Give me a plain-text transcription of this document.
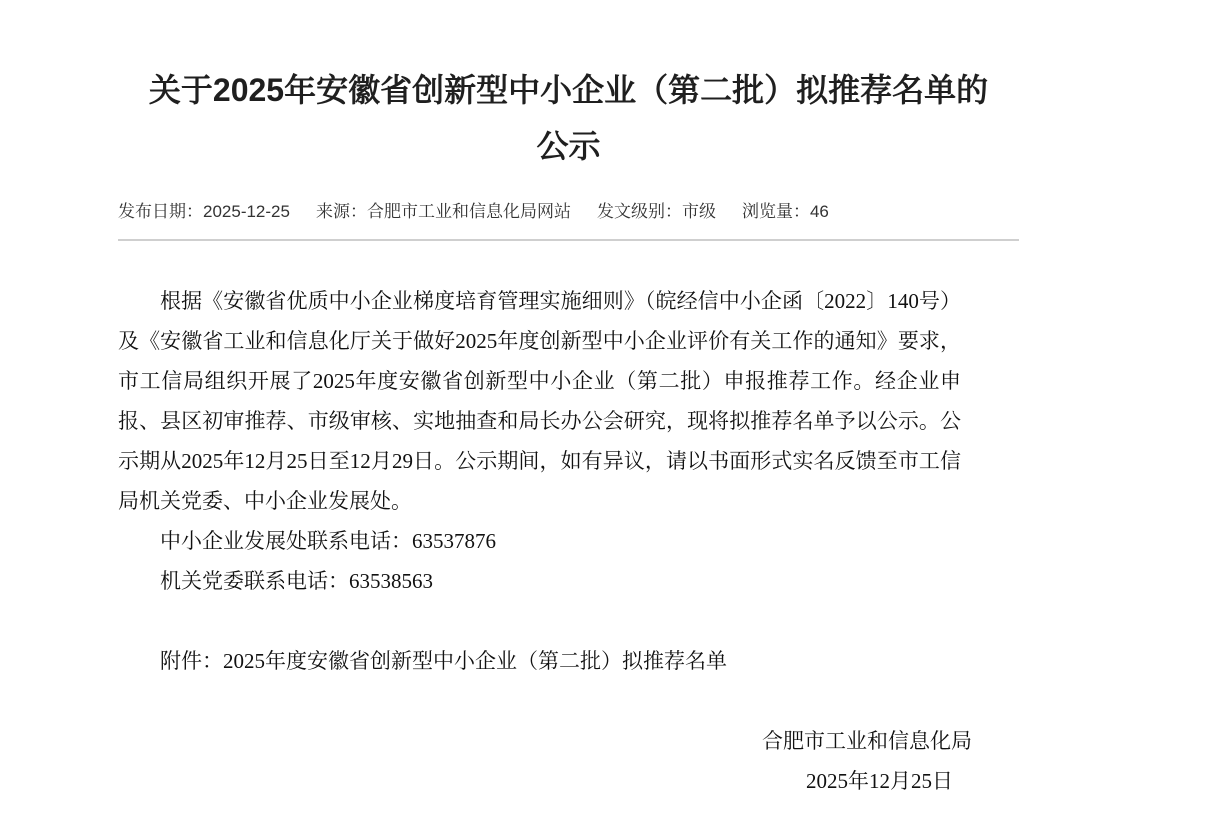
关于2025年安徽省创新型中小企业（第二批）拟推荐名单的公示
发布日期：2025-12-25 来源：合肥市工业和信息化局网站 发文级别：市级 浏览量：46

根据《安徽省优质中小企业梯度培育管理实施细则》（皖经信中小企函〔2022〕140号）及《安徽省工业和信息化厅关于做好2025年度创新型中小企业评价有关工作的通知》要求，市工信局组织开展了2025年度安徽省创新型中小企业（第二批）申报推荐工作。经企业申报、县区初审推荐、市级审核、实地抽查和局长办公会研究，现将拟推荐名单予以公示。公示期从2025年12月25日至12月29日。公示期间，如有异议，请以书面形式实名反馈至市工信局机关党委、中小企业发展处。

中小企业发展处联系电话：63537876

机关党委联系电话：63538563

附件：2025年度安徽省创新型中小企业（第二批）拟推荐名单

合肥市工业和信息化局

2025年12月25日
